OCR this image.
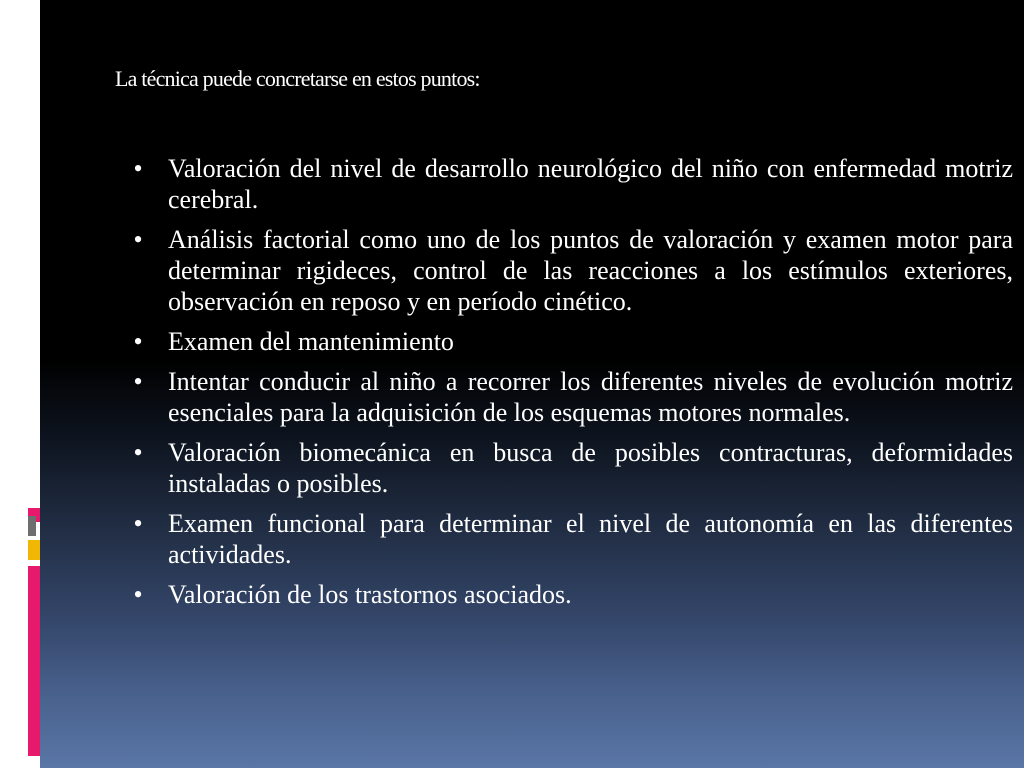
La técnica puede concretarse en estos puntos:
• Valoración del nivel de desarrollo neurológico del niño con enfermedad motriz cerebral.
• Análisis factorial como uno de los puntos de valoración y examen motor para determinar rigideces, control de las reacciones a los estímulos exteriores, observación en reposo y en período cinético.
• Examen del mantenimiento
• Intentar conducir al niño a recorrer los diferentes niveles de evolución motriz esenciales para la adquisición de los esquemas motores normales.
• Valoración biomecánica en busca de posibles contracturas, deformidades instaladas o posibles.
• Examen funcional para determinar el nivel de autonomía en las diferentes actividades.
• Valoración de los trastornos asociados.
